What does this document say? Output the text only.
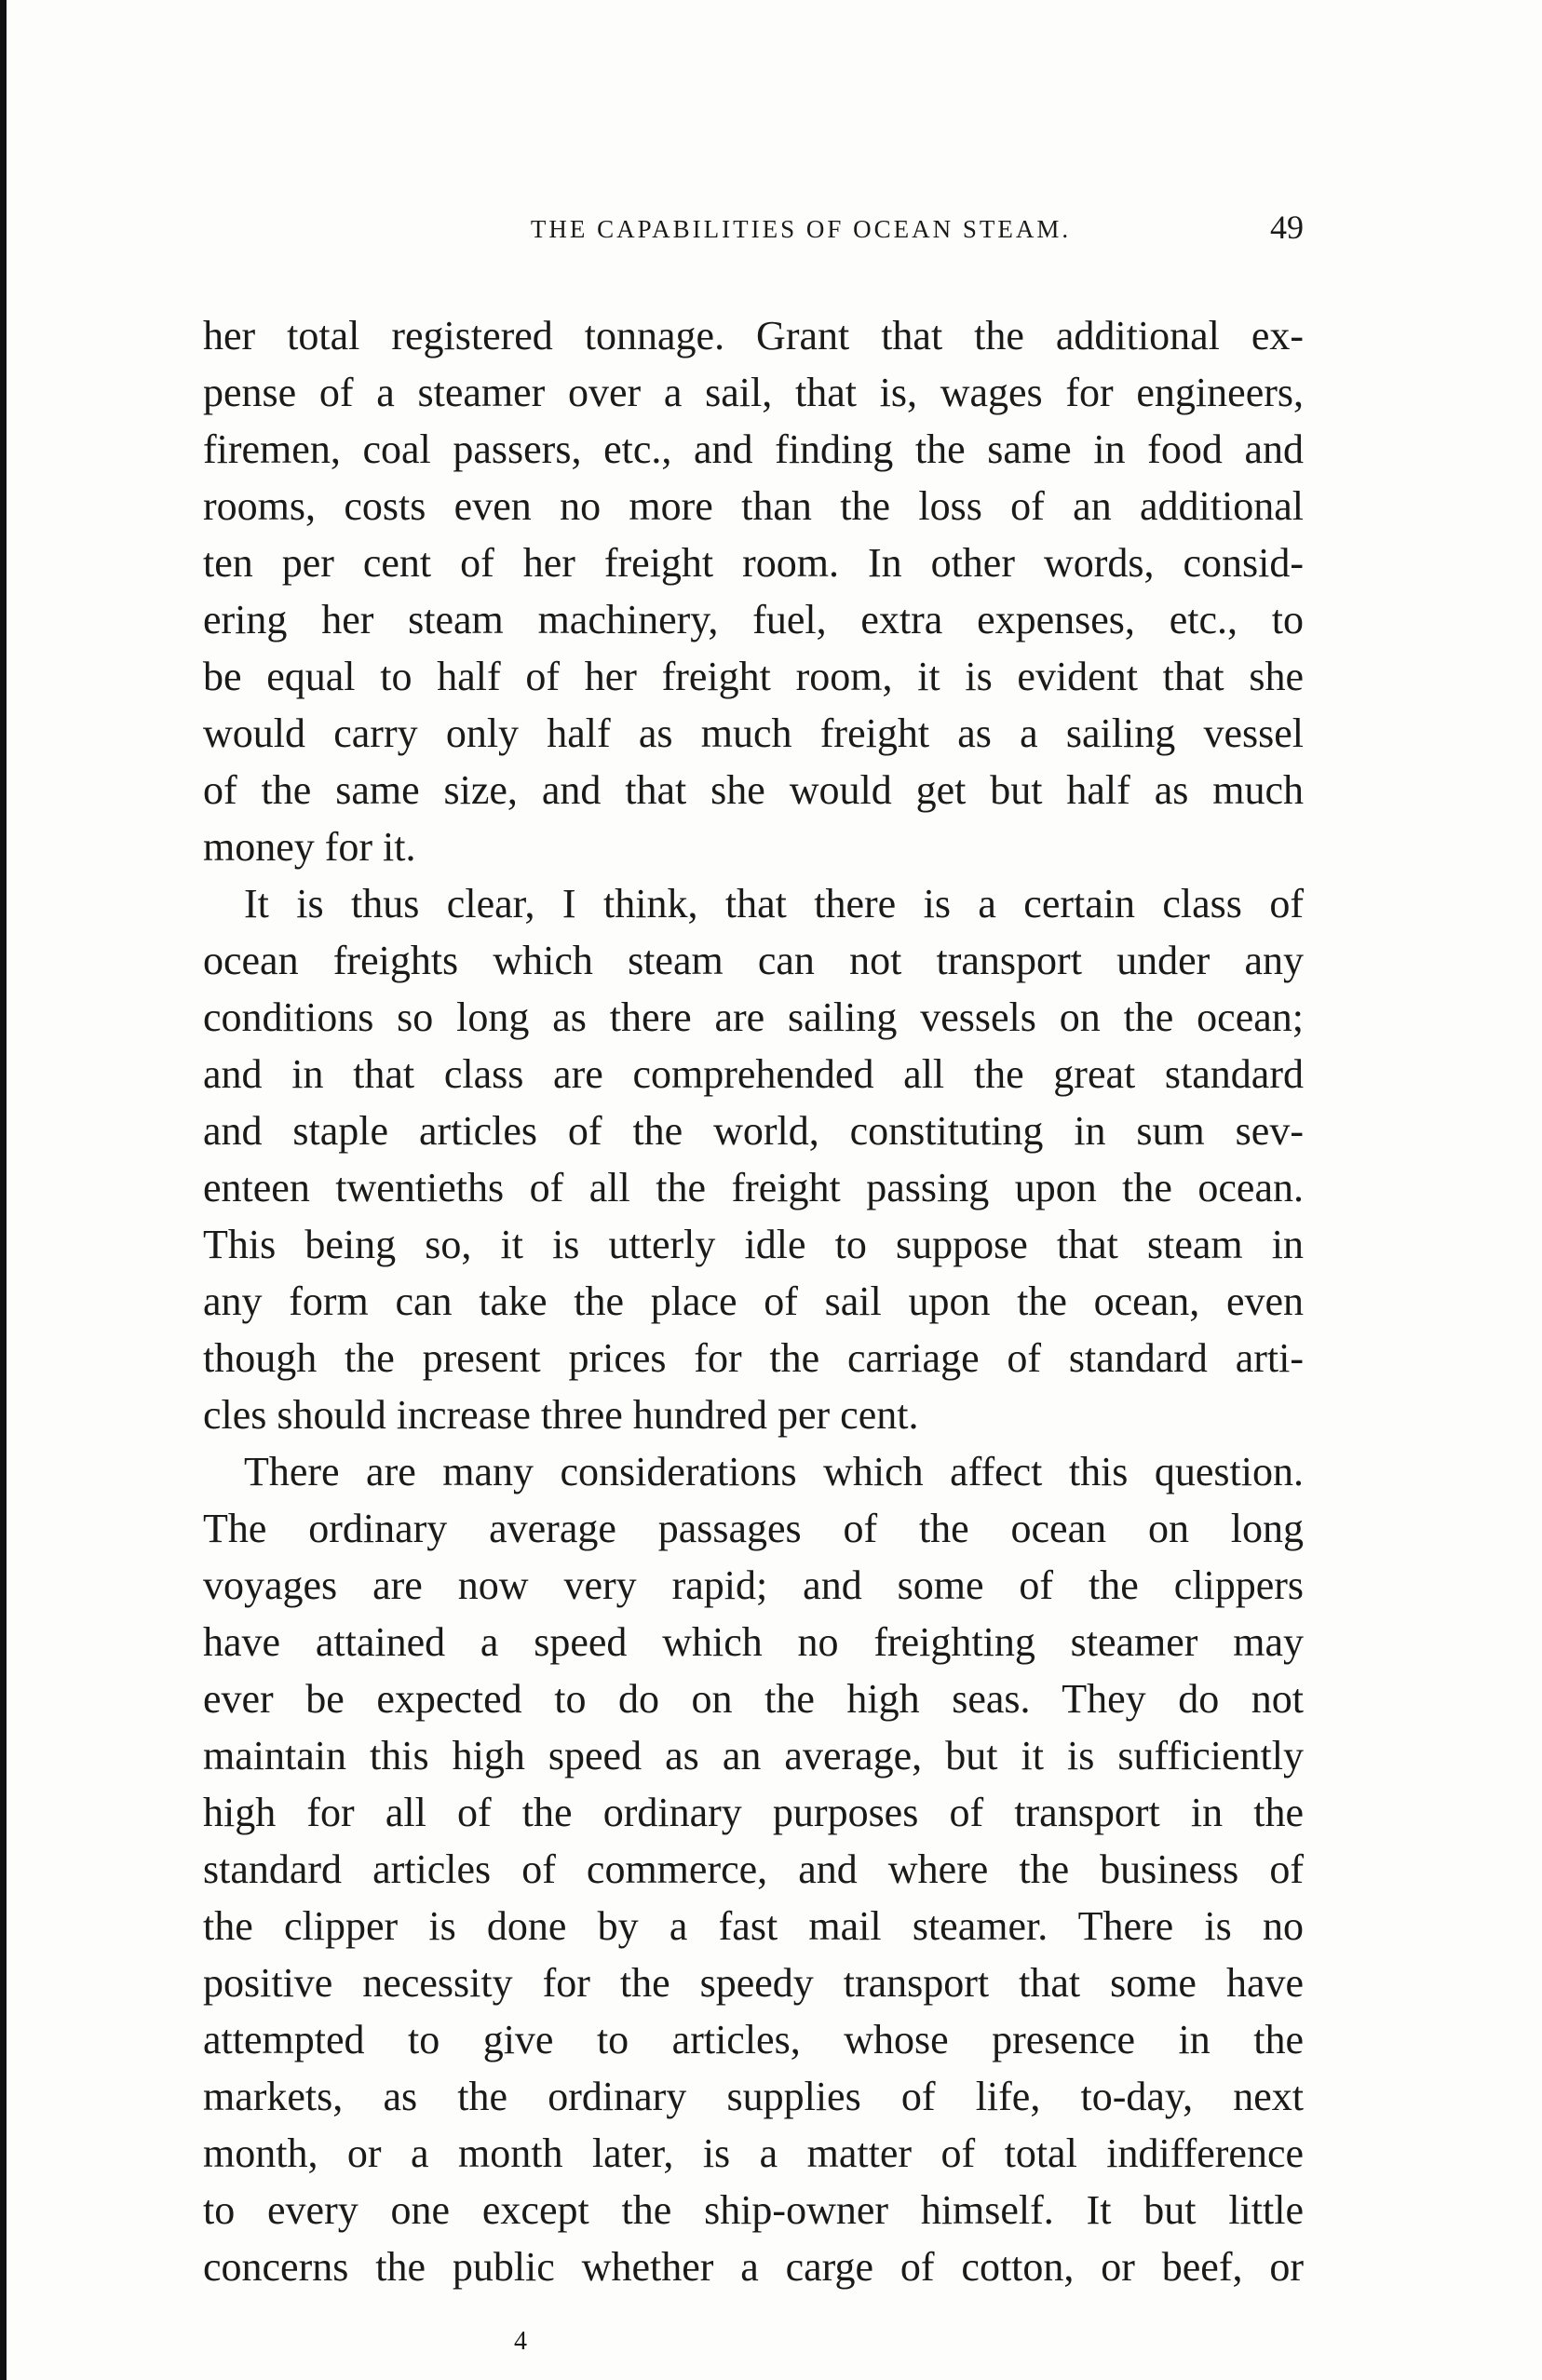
THE CAPABILITIES OF OCEAN STEAM.	49
her total registered tonnage. Grant that the additional ex-
pense of a steamer over a sail, that is, wages for engineers,
firemen, coal passers, etc., and finding the same in food and
rooms, costs even no more than the loss of an additional
ten per cent of her freight room. In other words, consid-
ering her steam machinery, fuel, extra expenses, etc., to
be equal to half of her freight room, it is evident that she
would carry only half as much freight as a sailing vessel
of the same size, and that she would get but half as much
money for it.
It is thus clear, I think, that there is a certain class of
ocean freights which steam can not transport under any
conditions so long as there are sailing vessels on the ocean;
and in that class are comprehended all the great standard
and staple articles of the world, constituting in sum sev-
enteen twentieths of all the freight passing upon the ocean.
This being so, it is utterly idle to suppose that steam in
any form can take the place of sail upon the ocean, even
though the present prices for the carriage of standard arti-
cles should increase three hundred per cent.
There are many considerations which affect this question.
The ordinary average passages of the ocean on long
voyages are now very rapid; and some of the clippers
have attained a speed which no freighting steamer may
ever be expected to do on the high seas. They do not
maintain this high speed as an average, but it is sufficiently
high for all of the ordinary purposes of transport in the
standard articles of commerce, and where the business of
the clipper is done by a fast mail steamer. There is no
positive necessity for the speedy transport that some have
attempted to give to articles, whose presence in the
markets, as the ordinary supplies of life, to-day, next
month, or a month later, is a matter of total indifference
to every one except the ship-owner himself. It but little
concerns the public whether a carge of cotton, or beef, or
4
